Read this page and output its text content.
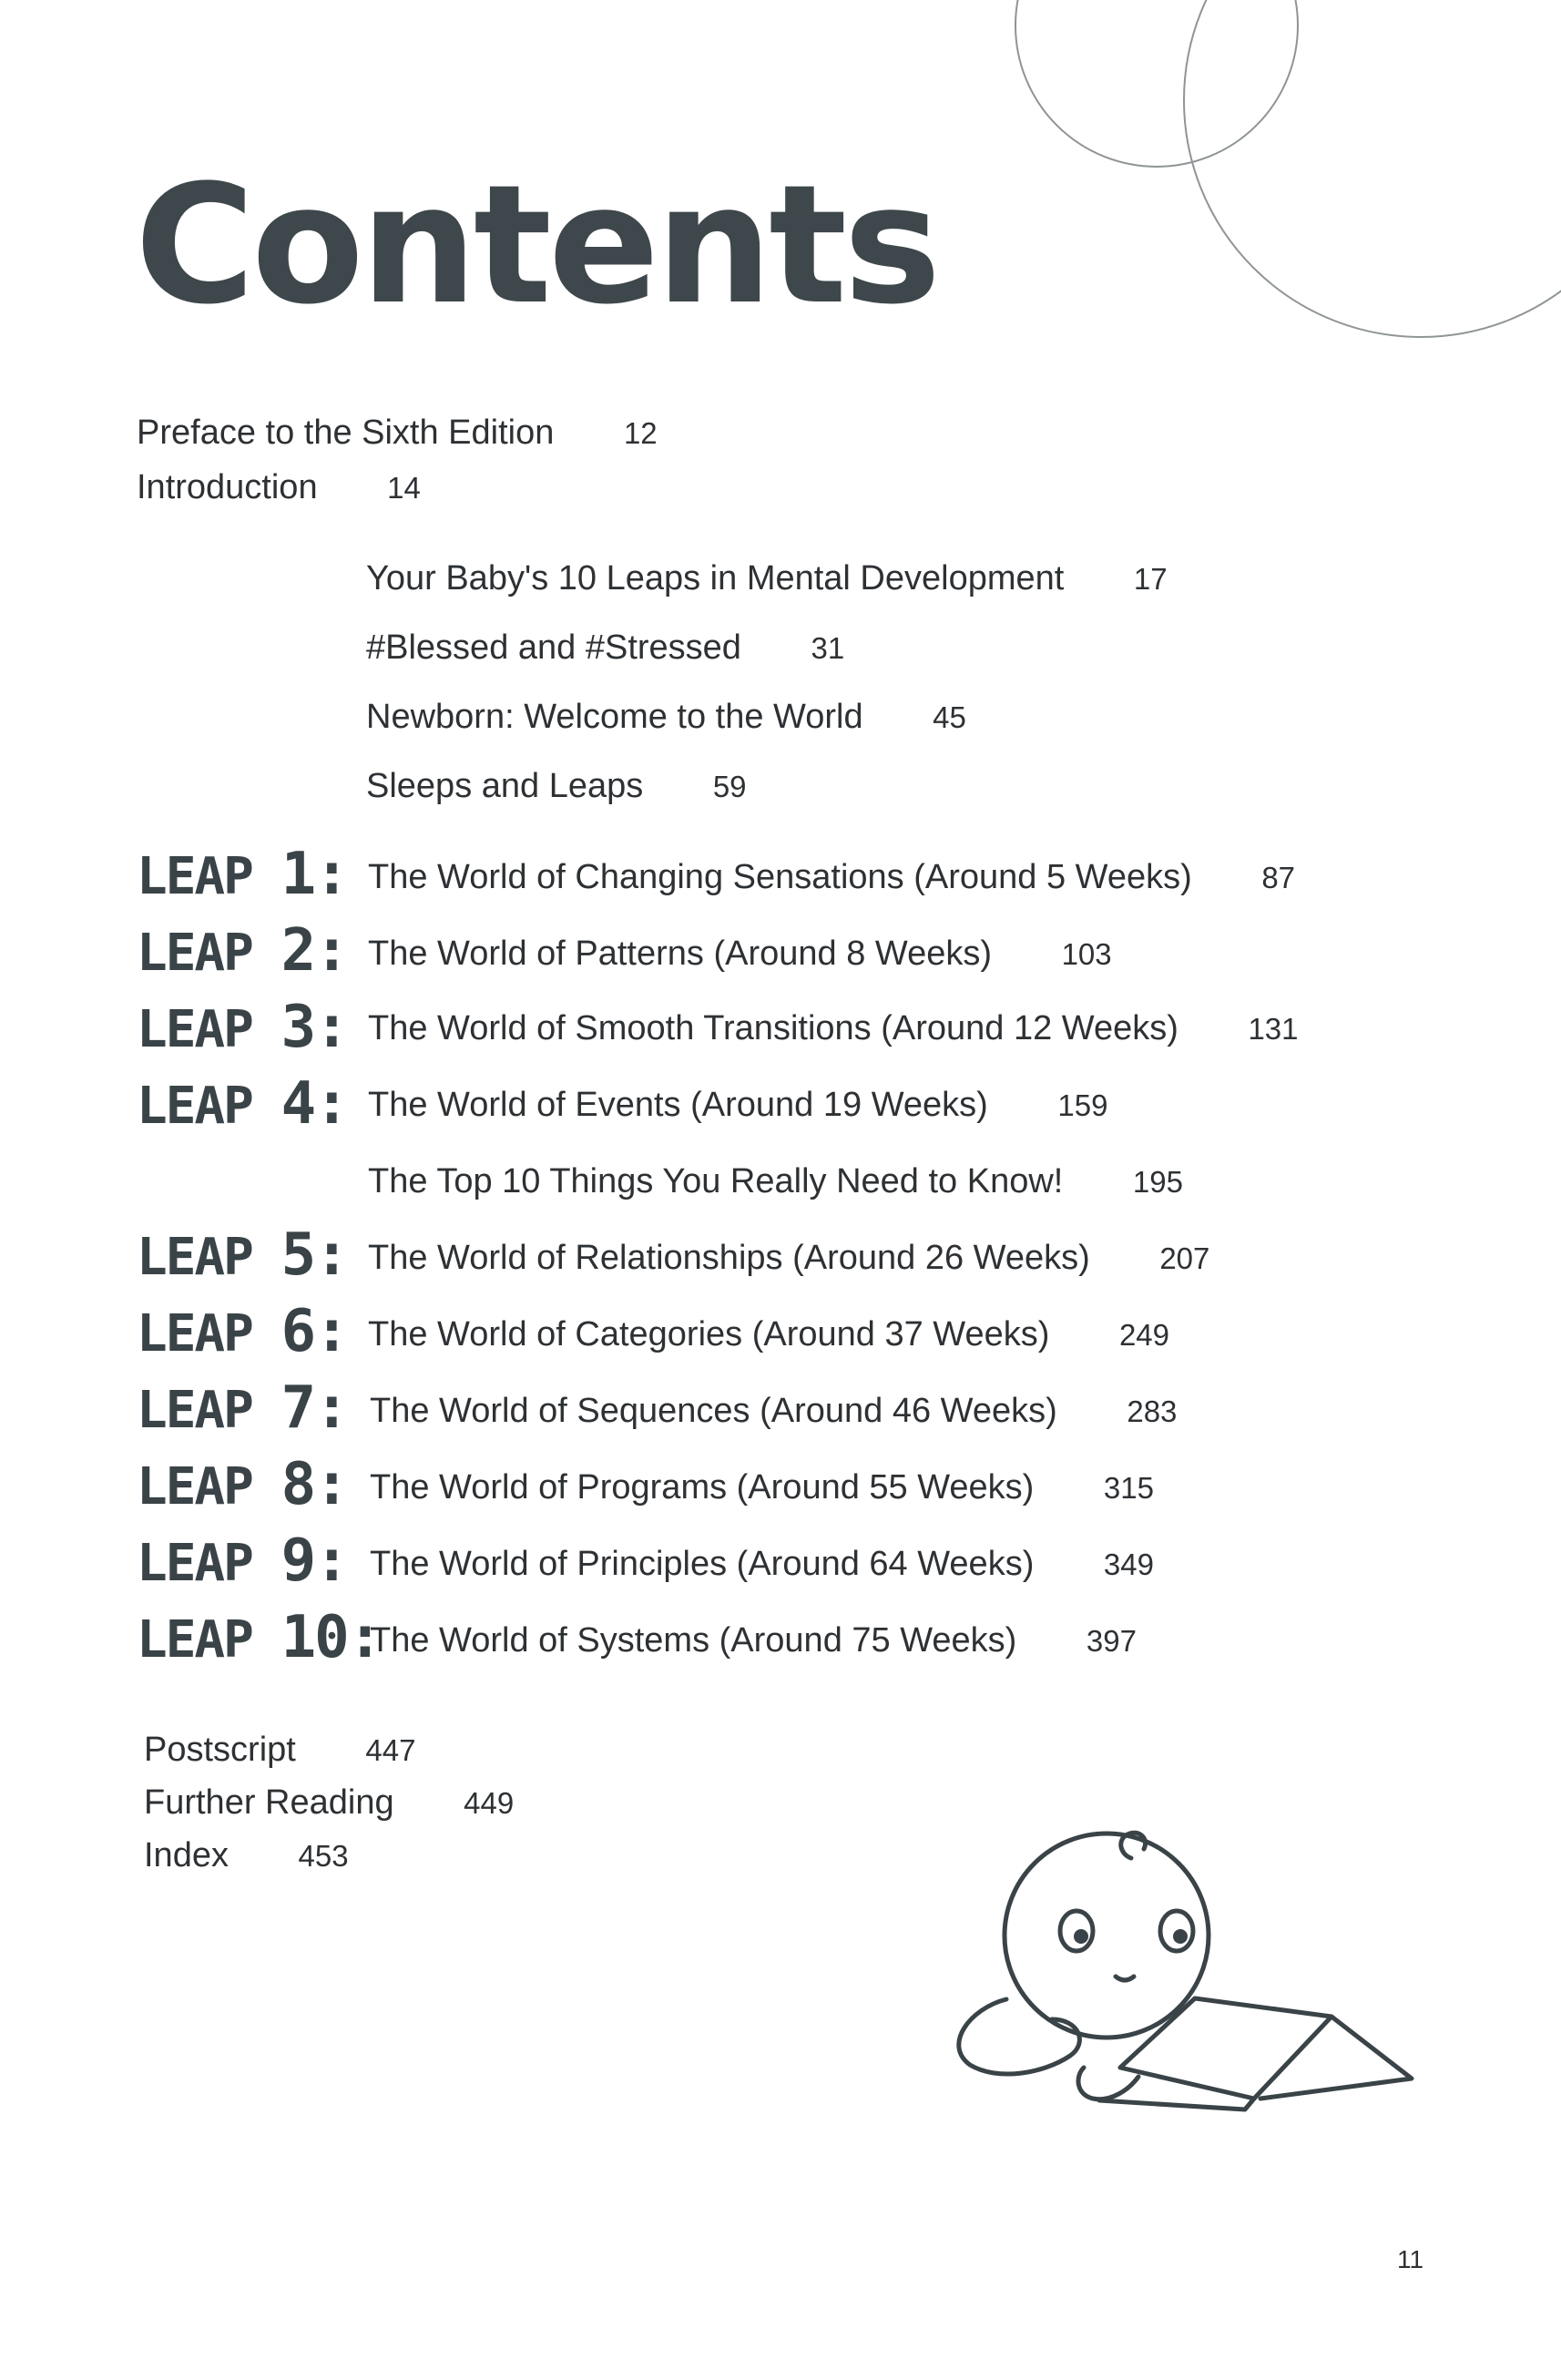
Contents
Preface to the Sixth Edition 12
Introduction 14
Your Baby's 10 Leaps in Mental Development 17
#Blessed and #Stressed 31
Newborn: Welcome to the World 45
Sleeps and Leaps 59
LEAP 1: The World of Changing Sensations (Around 5 Weeks) 87
LEAP 2: The World of Patterns (Around 8 Weeks) 103
LEAP 3: The World of Smooth Transitions (Around 12 Weeks) 131
LEAP 4: The World of Events (Around 19 Weeks) 159
The Top 10 Things You Really Need to Know! 195
LEAP 5: The World of Relationships (Around 26 Weeks) 207
LEAP 6: The World of Categories (Around 37 Weeks) 249
LEAP 7: The World of Sequences (Around 46 Weeks) 283
LEAP 8: The World of Programs (Around 55 Weeks) 315
LEAP 9: The World of Principles (Around 64 Weeks) 349
LEAP 10:
The World of Systems (Around 75 Weeks) 397
Postscript 447
Further Reading 449
Index 453
11
